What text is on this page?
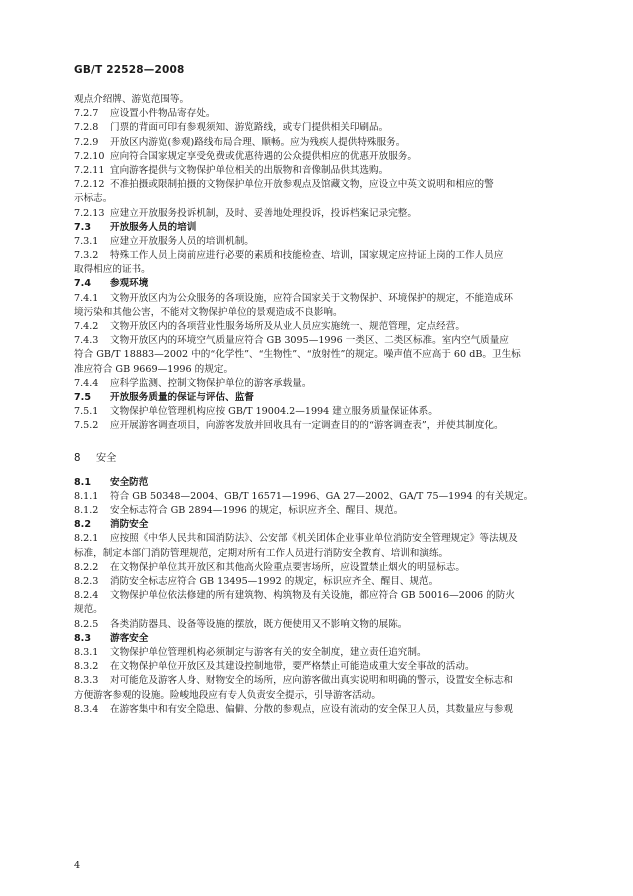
GB/T 22528—2008
观点介绍牌、游览范围等。
7.2.7 应设置小件物品寄存处。
7.2.8 门票的背面可印有参观须知、游览路线，或专门提供相关印刷品。
7.2.9 开放区内游览(参观)路线布局合理、顺畅。应为残疾人提供特殊服务。
7.2.10 应向符合国家规定享受免费或优惠待遇的公众提供相应的优惠开放服务。
7.2.11 宜向游客提供与文物保护单位相关的出版物和音像制品供其选购。
7.2.12 不准拍摄或限制拍摄的文物保护单位开放参观点及馆藏文物，应设立中英文说明和相应的警
示标志。
7.2.13 应建立开放服务投诉机制，及时、妥善地处理投诉，投诉档案记录完整。
7.3 开放服务人员的培训
7.3.1 应建立开放服务人员的培训机制。
7.3.2 特殊工作人员上岗前应进行必要的素质和技能检查、培训，国家规定应持证上岗的工作人员应
取得相应的证书。
7.4 参观环境
7.4.1 文物开放区内为公众服务的各项设施，应符合国家关于文物保护、环境保护的规定，不能造成环
境污染和其他公害，不能对文物保护单位的景观造成不良影响。
7.4.2 文物开放区内的各项营业性服务场所及从业人员应实施统一、规范管理，定点经营。
7.4.3 文物开放区内的环境空气质量应符合 GB 3095—1996 一类区、二类区标准。室内空气质量应
符合 GB/T 18883—2002 中的“化学性”、“生物性”、“放射性”的规定。噪声值不应高于 60 dB。卫生标
准应符合 GB 9669—1996 的规定。
7.4.4 应科学监测、控制文物保护单位的游客承载量。
7.5 开放服务质量的保证与评估、监督
7.5.1 文物保护单位管理机构应按 GB/T 19004.2—1994 建立服务质量保证体系。
7.5.2 应开展游客调查项目，向游客发放并回收具有一定调查目的的“游客调查表”，并使其制度化。
8 安全
8.1 安全防范
8.1.1 符合 GB 50348—2004、GB/T 16571—1996、GA 27—2002、GA/T 75—1994 的有关规定。
8.1.2 安全标志符合 GB 2894—1996 的规定，标识应齐全、醒目、规范。
8.2 消防安全
8.2.1 应按照《中华人民共和国消防法》、公安部《机关团体企业事业单位消防安全管理规定》等法规及
标准，制定本部门消防管理规范，定期对所有工作人员进行消防安全教育、培训和演练。
8.2.2 在文物保护单位其开放区和其他高火险重点要害场所，应设置禁止烟火的明显标志。
8.2.3 消防安全标志应符合 GB 13495—1992 的规定，标识应齐全、醒目、规范。
8.2.4 文物保护单位依法修建的所有建筑物、构筑物及有关设施，都应符合 GB 50016—2006 的防火
规范。
8.2.5 各类消防器具、设备等设施的摆放，既方便使用又不影响文物的展陈。
8.3 游客安全
8.3.1 文物保护单位管理机构必须制定与游客有关的安全制度，建立责任追究制。
8.3.2 在文物保护单位开放区及其建设控制地带，要严格禁止可能造成重大安全事故的活动。
8.3.3 对可能危及游客人身、财物安全的场所，应向游客做出真实说明和明确的警示，设置安全标志和
方便游客参观的设施。险峻地段应有专人负责安全提示，引导游客活动。
8.3.4 在游客集中和有安全隐患、偏僻、分散的参观点，应设有流动的安全保卫人员，其数量应与参观
4
